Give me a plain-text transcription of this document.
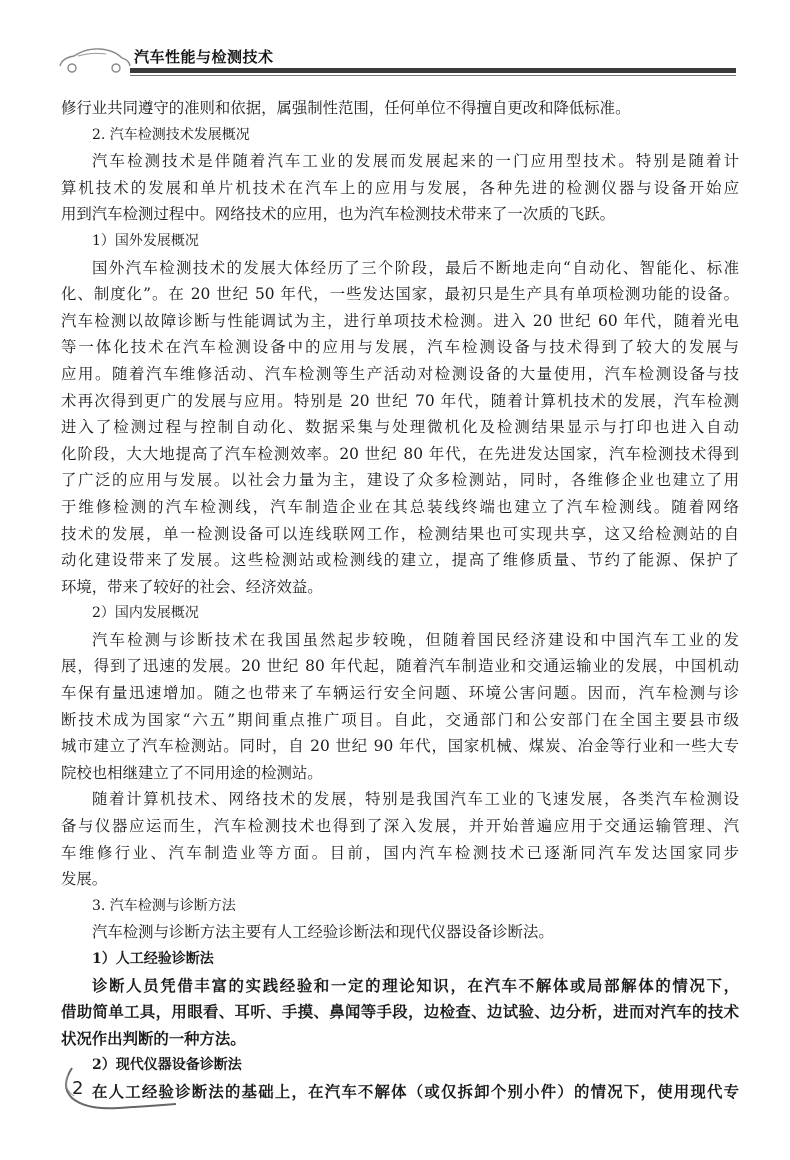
汽车性能与检测技术
修行业共同遵守的准则和依据，属强制性范围，任何单位不得擅自更改和降低标准。
2. 汽车检测技术发展概况
汽车检测技术是伴随着汽车工业的发展而发展起来的一门应用型技术。特别是随着计
算机技术的发展和单片机技术在汽车上的应用与发展，各种先进的检测仪器与设备开始应
用到汽车检测过程中。网络技术的应用，也为汽车检测技术带来了一次质的飞跃。
1）国外发展概况
国外汽车检测技术的发展大体经历了三个阶段，最后不断地走向“自动化、智能化、标准
化、制度化”。在 20 世纪 50 年代，一些发达国家，最初只是生产具有单项检测功能的设备。
汽车检测以故障诊断与性能调试为主，进行单项技术检测。进入 20 世纪 60 年代，随着光电
等一体化技术在汽车检测设备中的应用与发展，汽车检测设备与技术得到了较大的发展与
应用。随着汽车维修活动、汽车检测等生产活动对检测设备的大量使用，汽车检测设备与技
术再次得到更广的发展与应用。特别是 20 世纪 70 年代，随着计算机技术的发展，汽车检测
进入了检测过程与控制自动化、数据采集与处理微机化及检测结果显示与打印也进入自动
化阶段，大大地提高了汽车检测效率。20 世纪 80 年代，在先进发达国家，汽车检测技术得到
了广泛的应用与发展。以社会力量为主，建设了众多检测站，同时，各维修企业也建立了用
于维修检测的汽车检测线，汽车制造企业在其总装线终端也建立了汽车检测线。随着网络
技术的发展，单一检测设备可以连线联网工作，检测结果也可实现共享，这又给检测站的自
动化建设带来了发展。这些检测站或检测线的建立，提高了维修质量、节约了能源、保护了
环境，带来了较好的社会、经济效益。
2）国内发展概况
汽车检测与诊断技术在我国虽然起步较晚，但随着国民经济建设和中国汽车工业的发
展，得到了迅速的发展。20 世纪 80 年代起，随着汽车制造业和交通运输业的发展，中国机动
车保有量迅速增加。随之也带来了车辆运行安全问题、环境公害问题。因而，汽车检测与诊
断技术成为国家“六五”期间重点推广项目。自此，交通部门和公安部门在全国主要县市级
城市建立了汽车检测站。同时，自 20 世纪 90 年代，国家机械、煤炭、冶金等行业和一些大专
院校也相继建立了不同用途的检测站。
随着计算机技术、网络技术的发展，特别是我国汽车工业的飞速发展，各类汽车检测设
备与仪器应运而生，汽车检测技术也得到了深入发展，并开始普遍应用于交通运输管理、汽
车维修行业、汽车制造业等方面。目前，国内汽车检测技术已逐渐同汽车发达国家同步
发展。
3. 汽车检测与诊断方法
汽车检测与诊断方法主要有人工经验诊断法和现代仪器设备诊断法。
1）人工经验诊断法
诊断人员凭借丰富的实践经验和一定的理论知识，在汽车不解体或局部解体的情况下，
借助简单工具，用眼看、耳听、手摸、鼻闻等手段，边检查、边试验、边分析，进而对汽车的技术
状况作出判断的一种方法。
2）现代仪器设备诊断法
在人工经验诊断法的基础上，在汽车不解体（或仅拆卸个别小件）的情况下，使用现代专
2
